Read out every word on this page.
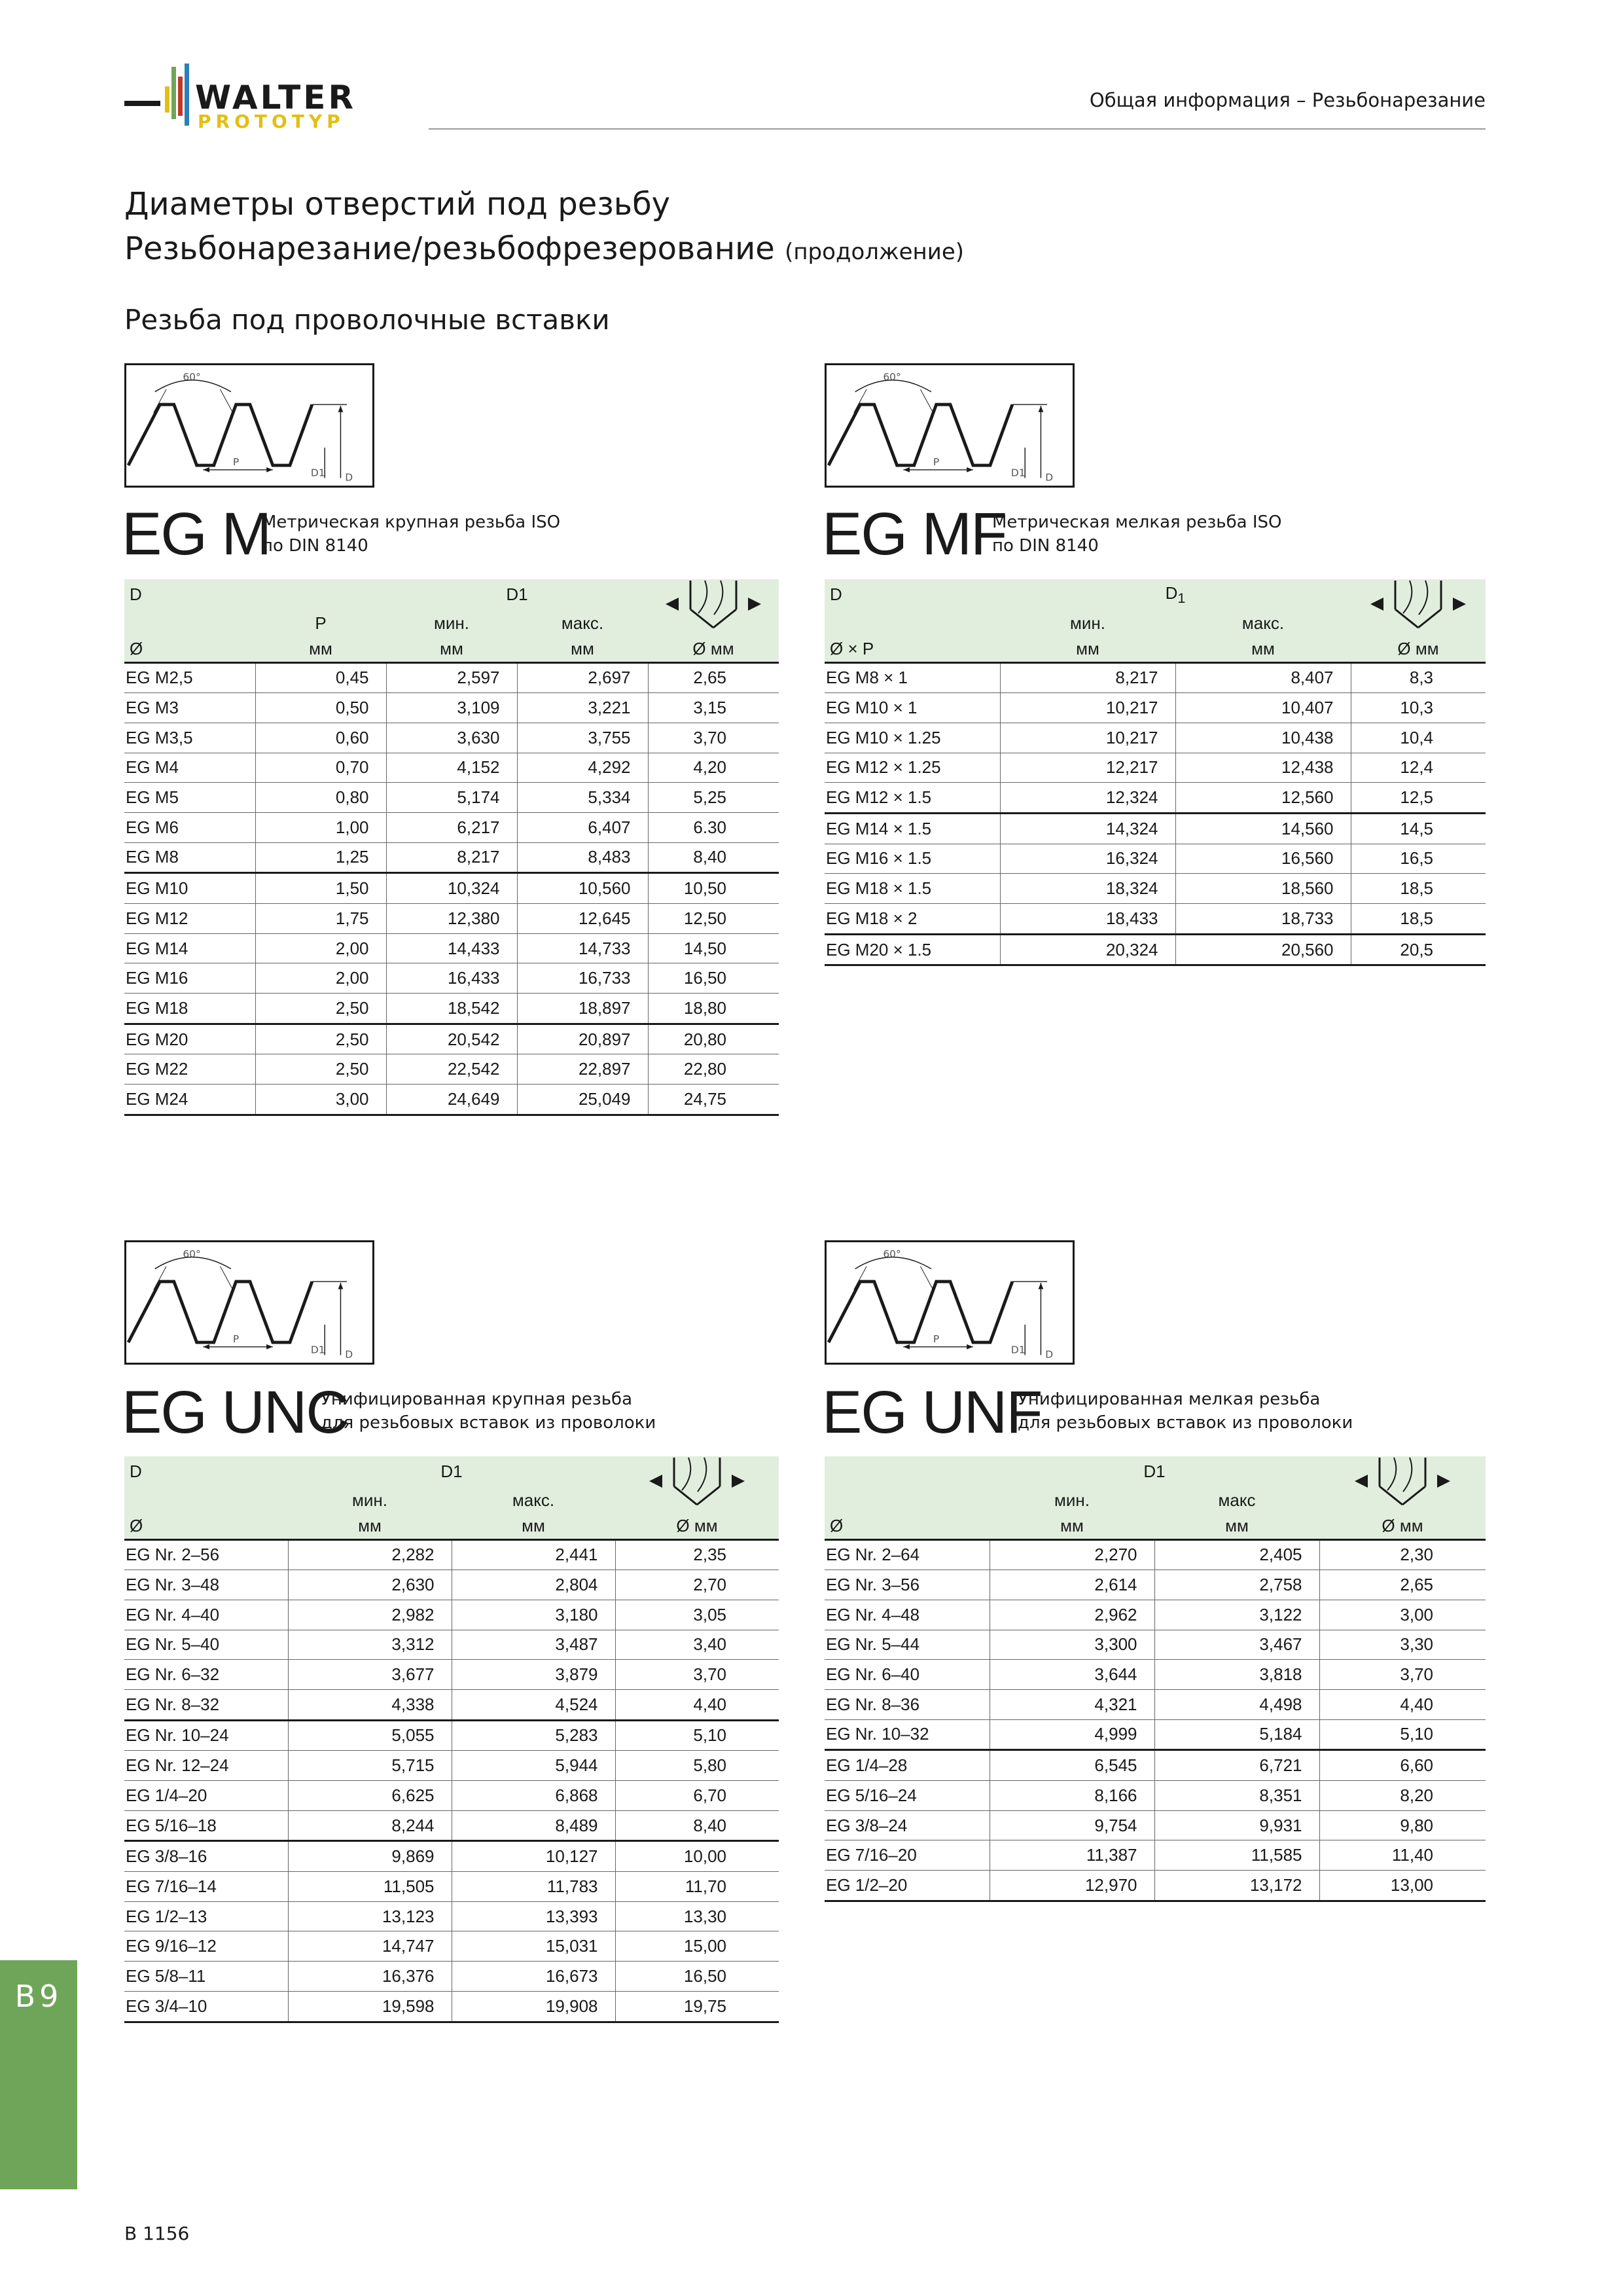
WALTER
PROTOTYP
Общая информация – Резьбонарезание
Диаметры отверстий под резьбу
Резьбонарезание/резьбофрезерование (продолжение)
Резьба под проволочные вставки
60°
P
D1 D
EG M
Метрическая крупная резьба ISO
по DIN 8140
D		D1	
	P	мин.	макс.	
Ø	мм	мм	мм	Ø мм
EG M2,5	0,45	2,597	2,697	2,65
EG M3	0,50	3,109	3,221	3,15
EG M3,5	0,60	3,630	3,755	3,70
EG M4	0,70	4,152	4,292	4,20
EG M5	0,80	5,174	5,334	5,25
EG M6	1,00	6,217	6,407	6.30
EG M8	1,25	8,217	8,483	8,40
EG M10	1,50	10,324	10,560	10,50
EG M12	1,75	12,380	12,645	12,50
EG M14	2,00	14,433	14,733	14,50
EG M16	2,00	16,433	16,733	16,50
EG M18	2,50	18,542	18,897	18,80
EG M20	2,50	20,542	20,897	20,80
EG M22	2,50	22,542	22,897	22,80
EG M24	3,00	24,649	25,049	24,75
60°
P
D1 D
EG MF
Метрическая мелкая резьба ISO
по DIN 8140
D	$D_1$	
	мин.	макс.	
Ø × P	мм	мм	Ø мм
EG M8 × 1	8,217	8,407	8,3
EG M10 × 1	10,217	10,407	10,3
EG M10 × 1.25	10,217	10,438	10,4
EG M12 × 1.25	12,217	12,438	12,4
EG M12 × 1.5	12,324	12,560	12,5
EG M14 × 1.5	14,324	14,560	14,5
EG M16 × 1.5	16,324	16,560	16,5
EG M18 × 1.5	18,324	18,560	18,5
EG M18 × 2	18,433	18,733	18,5
EG M20 × 1.5	20,324	20,560	20,5
60°
P
D1 D
EG UNC
Унифицированная крупная резьба
для резьбовых вставок из проволоки
D	D1	
	мин.	макс.	
Ø	мм	мм	Ø мм
EG Nr. 2–56	2,282	2,441	2,35
EG Nr. 3–48	2,630	2,804	2,70
EG Nr. 4–40	2,982	3,180	3,05
EG Nr. 5–40	3,312	3,487	3,40
EG Nr. 6–32	3,677	3,879	3,70
EG Nr. 8–32	4,338	4,524	4,40
EG Nr. 10–24	5,055	5,283	5,10
EG Nr. 12–24	5,715	5,944	5,80
EG 1/4–20	6,625	6,868	6,70
EG 5/16–18	8,244	8,489	8,40
EG 3/8–16	9,869	10,127	10,00
EG 7/16–14	11,505	11,783	11,70
EG 1/2–13	13,123	13,393	13,30
EG 9/16–12	14,747	15,031	15,00
EG 5/8–11	16,376	16,673	16,50
EG 3/4–10	19,598	19,908	19,75
60°
P
D1 D
EG UNF
Унифицированная мелкая резьба
для резьбовых вставок из проволоки
	D1	
	мин.	макс	
Ø	мм	мм	Ø мм
EG Nr. 2–64	2,270	2,405	2,30
EG Nr. 3–56	2,614	2,758	2,65
EG Nr. 4–48	2,962	3,122	3,00
EG Nr. 5–44	3,300	3,467	3,30
EG Nr. 6–40	3,644	3,818	3,70
EG Nr. 8–36	4,321	4,498	4,40
EG Nr. 10–32	4,999	5,184	5,10
EG 1/4–28	6,545	6,721	6,60
EG 5/16–24	8,166	8,351	8,20
EG 3/8–24	9,754	9,931	9,80
EG 7/16–20	11,387	11,585	11,40
EG 1/2–20	12,970	13,172	13,00
B9
B 1156
